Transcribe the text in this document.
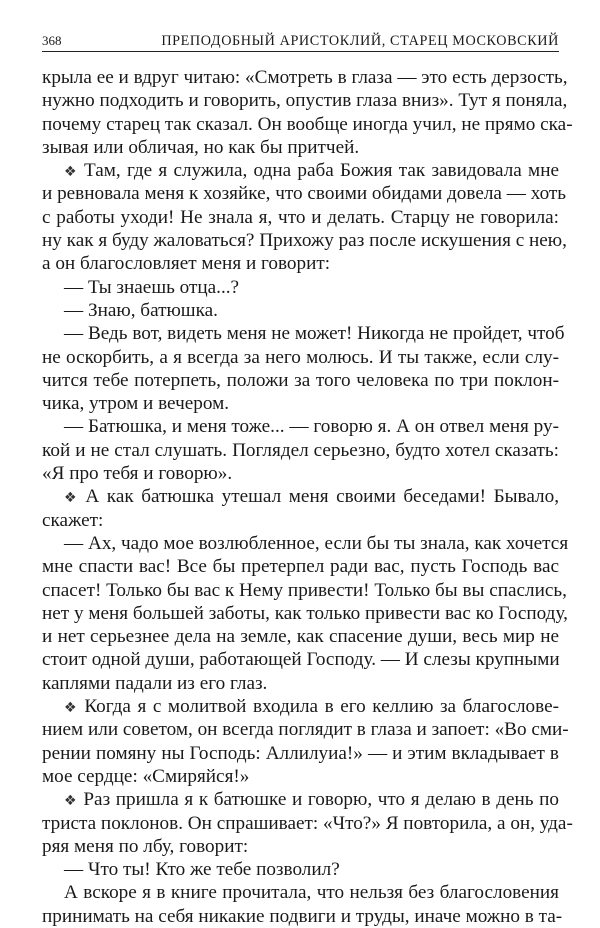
368	ПРЕПОДОБНЫЙ АРИСТОКЛИЙ, СТАРЕЦ МОСКОВСКИЙ
крыла ее и вдруг читаю: «Смотреть в глаза — это есть дерзость,
нужно подходить и говорить, опустив глаза вниз». Тут я поняла,
почему старец так сказал. Он вообще иногда учил, не прямо ска-
зывая или обличая, но как бы притчей.
❖ Там, где я служила, одна раба Божия так завидовала мне
и ревновала меня к хозяйке, что своими обидами довела — хоть
с работы уходи! Не знала я, что и делать. Старцу не говорила:
ну как я буду жаловаться? Прихожу раз после искушения с нею,
а он благословляет меня и говорит:
— Ты знаешь отца...?
— Знаю, батюшка.
— Ведь вот, видеть меня не может! Никогда не пройдет, чтоб
не оскорбить, а я всегда за него молюсь. И ты также, если слу-
чится тебе потерпеть, положи за того человека по три поклон-
чика, утром и вечером.
— Батюшка, и меня тоже... — говорю я. А он отвел меня ру-
кой и не стал слушать. Поглядел серьезно, будто хотел сказать:
«Я про тебя и говорю».
❖ А как батюшка утешал меня своими беседами! Бывало,
скажет:
— Ах, чадо мое возлюбленное, если бы ты знала, как хочется
мне спасти вас! Все бы претерпел ради вас, пусть Господь вас
спасет! Только бы вас к Нему привести! Только бы вы спаслись,
нет у меня большей заботы, как только привести вас ко Господу,
и нет серьезнее дела на земле, как спасение души, весь мир не
стоит одной души, работающей Господу. — И слезы крупными
каплями падали из его глаз.
❖ Когда я с молитвой входила в его келлию за благослове-
нием или советом, он всегда поглядит в глаза и запоет: «Во сми-
рении помяну ны Господь: Аллилуиа!» — и этим вкладывает в
мое сердце: «Смиряйся!»
❖ Раз пришла я к батюшке и говорю, что я делаю в день по
триста поклонов. Он спрашивает: «Что?» Я повторила, а он, уда-
ряя меня по лбу, говорит:
— Что ты! Кто же тебе позволил?
А вскоре я в книге прочитала, что нельзя без благословения
принимать на себя никакие подвиги и труды, иначе можно в та-
